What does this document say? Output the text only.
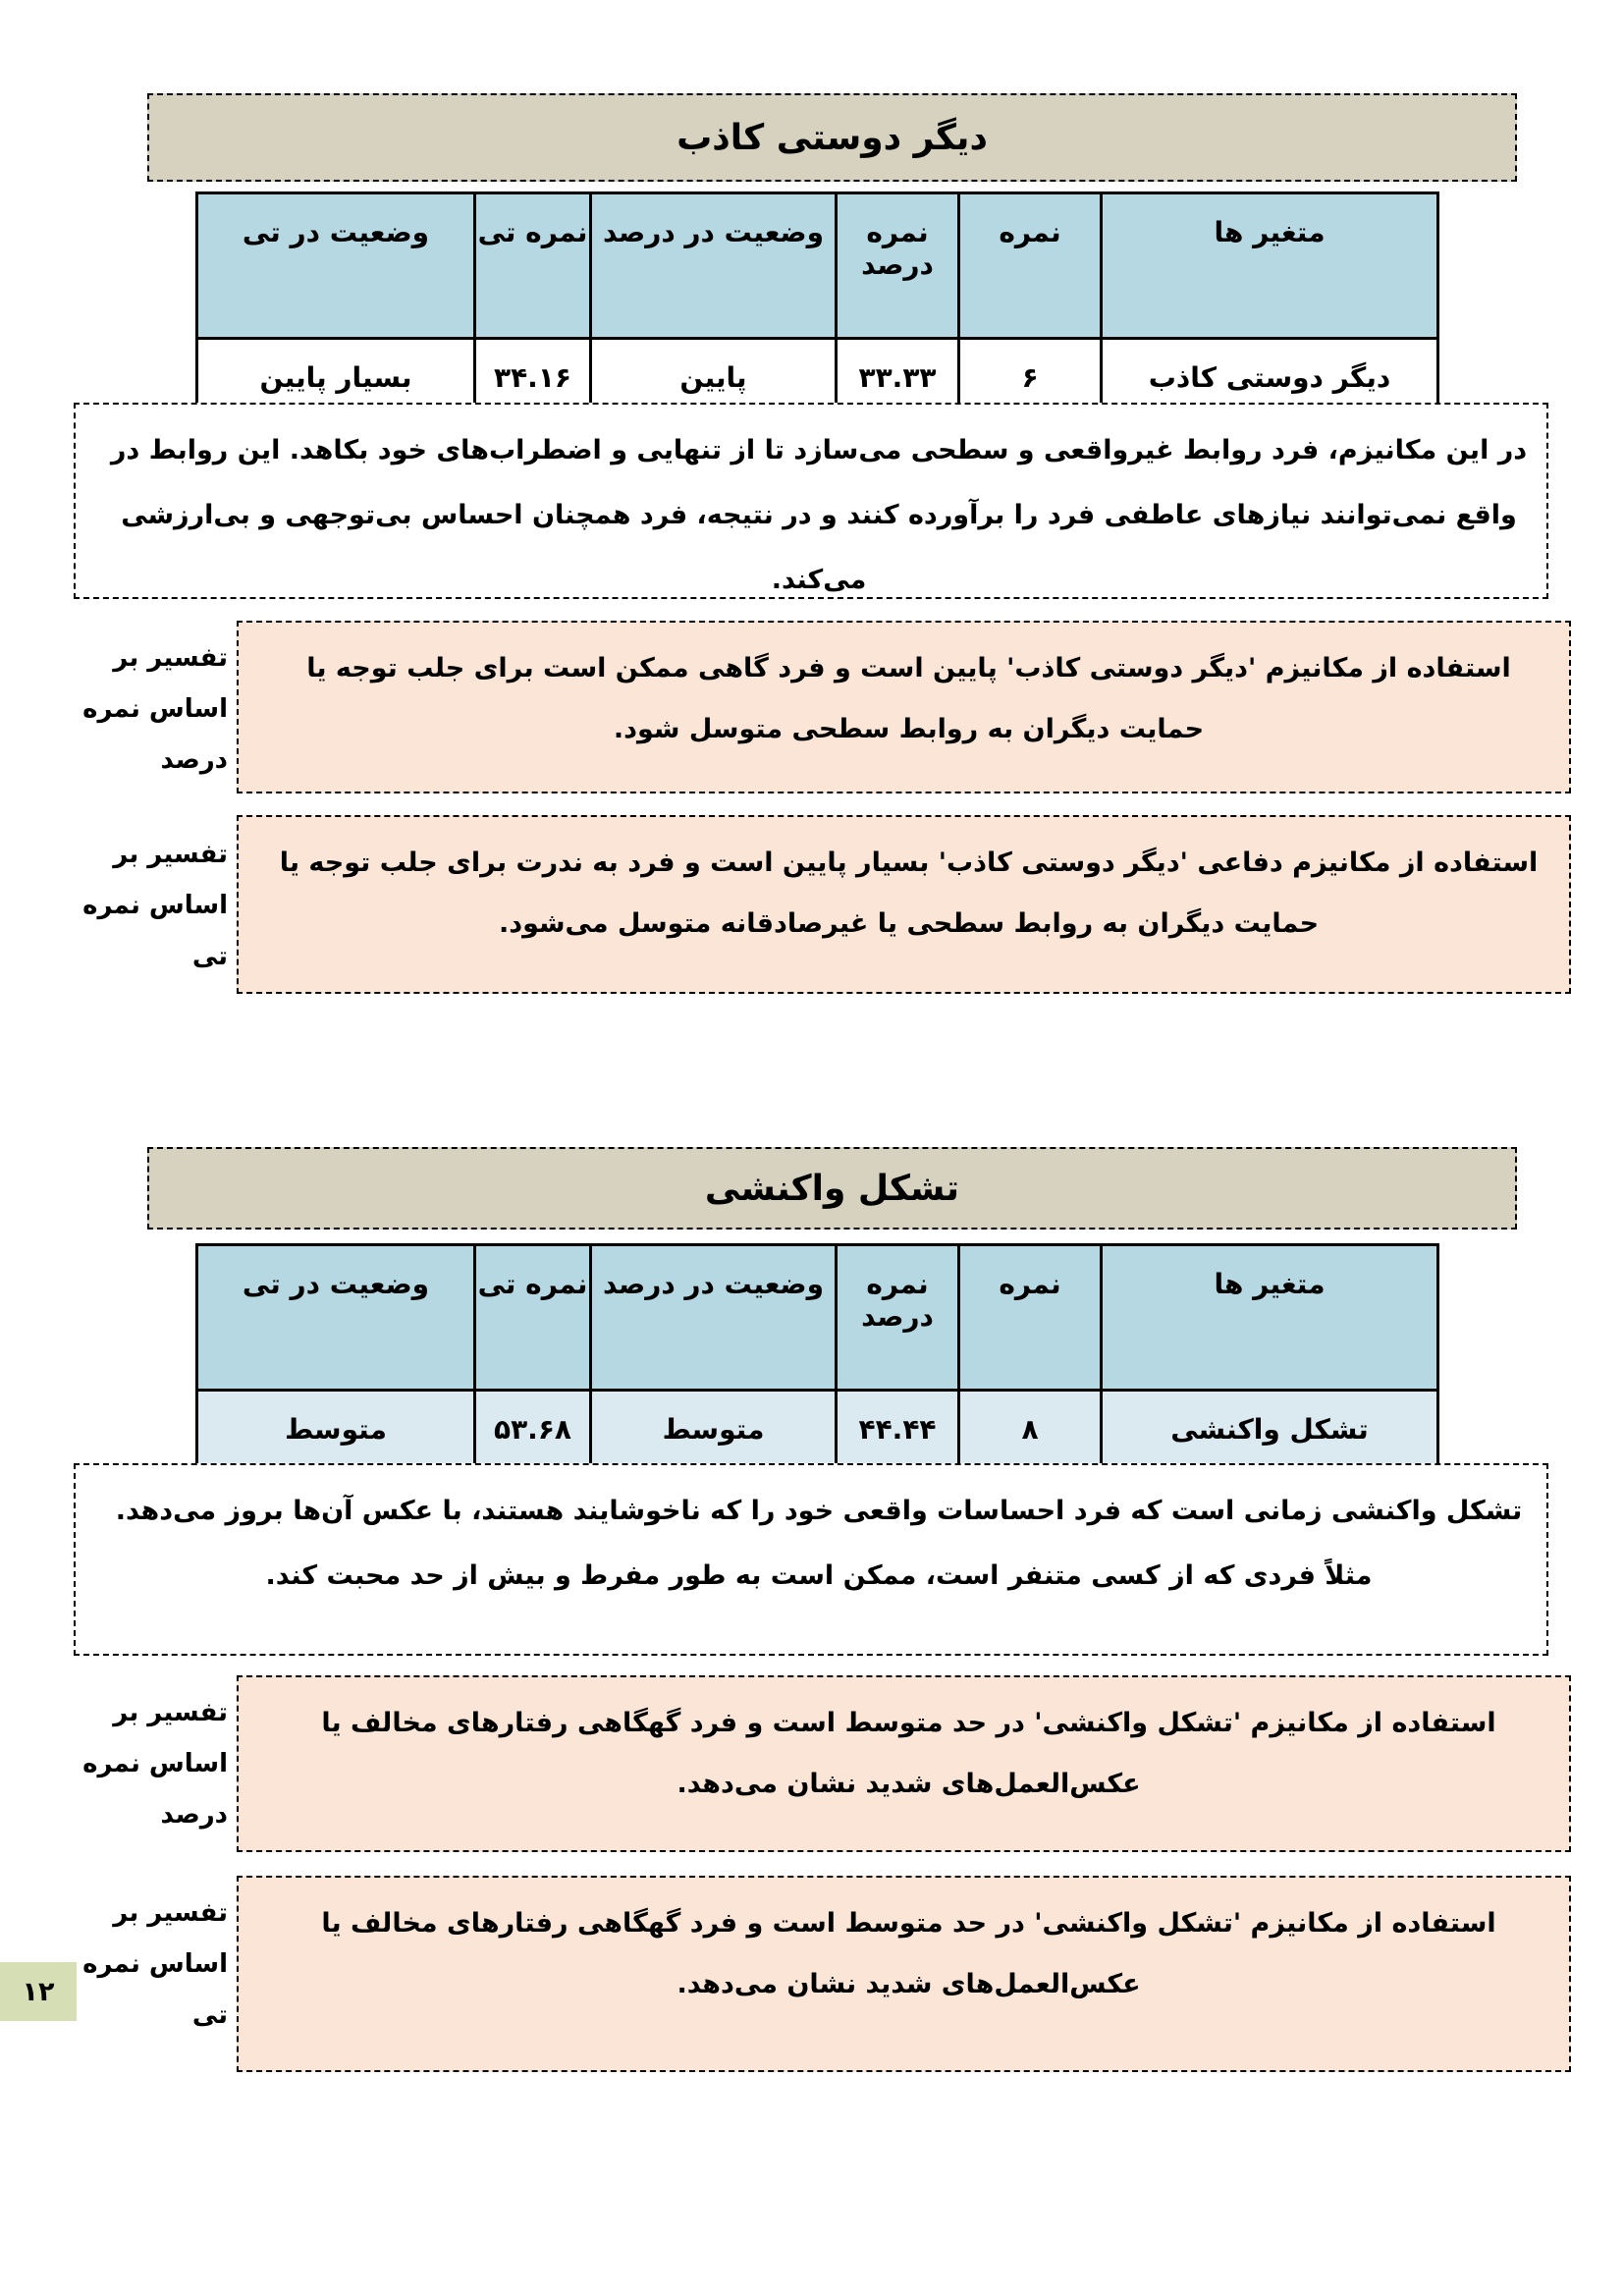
دیگر دوستی کاذب
متغیر ها	نمره	نمره درصد	وضعیت در درصد	نمره تی	وضعیت در تی
دیگر دوستی کاذب	۶	۳۳.۳۳	پایین	۳۴.۱۶	بسیار پایین
در این مکانیزم، فرد روابط غیرواقعی و سطحی می‌سازد تا از تنهایی و اضطراب‌های خود بکاهد. این روابط در واقع نمی‌توانند نیازهای عاطفی فرد را برآورده کنند و در نتیجه، فرد همچنان احساس بی‌توجهی و بی‌ارزشی می‌کند.
تفسیر بر
اساس نمره
درصد
استفاده از مکانیزم 'دیگر دوستی کاذب' پایین است و فرد گاهی ممکن است برای جلب توجه یا حمایت دیگران به روابط سطحی متوسل شود.
تفسیر بر
اساس نمره
تی
استفاده از مکانیزم دفاعی 'دیگر دوستی کاذب' بسیار پایین است و فرد به ندرت برای جلب توجه یا حمایت دیگران به روابط سطحی یا غیرصادقانه متوسل می‌شود.
تشکل واکنشی
متغیر ها	نمره	نمره درصد	وضعیت در درصد	نمره تی	وضعیت در تی
تشکل واکنشی	۸	۴۴.۴۴	متوسط	۵۳.۶۸	متوسط
تشکل واکنشی زمانی است که فرد احساسات واقعی خود را که ناخوشایند هستند، با عکس آن‌ها بروز می‌دهد. مثلاً فردی که از کسی متنفر است، ممکن است به طور مفرط و بیش از حد محبت کند.
تفسیر بر
اساس نمره
درصد
استفاده از مکانیزم 'تشکل واکنشی' در حد متوسط است و فرد گهگاهی رفتارهای مخالف یا عکس‌العمل‌های شدید نشان می‌دهد.
تفسیر بر
اساس نمره
تی
استفاده از مکانیزم 'تشکل واکنشی' در حد متوسط است و فرد گهگاهی رفتارهای مخالف یا عکس‌العمل‌های شدید نشان می‌دهد.
۱۲
